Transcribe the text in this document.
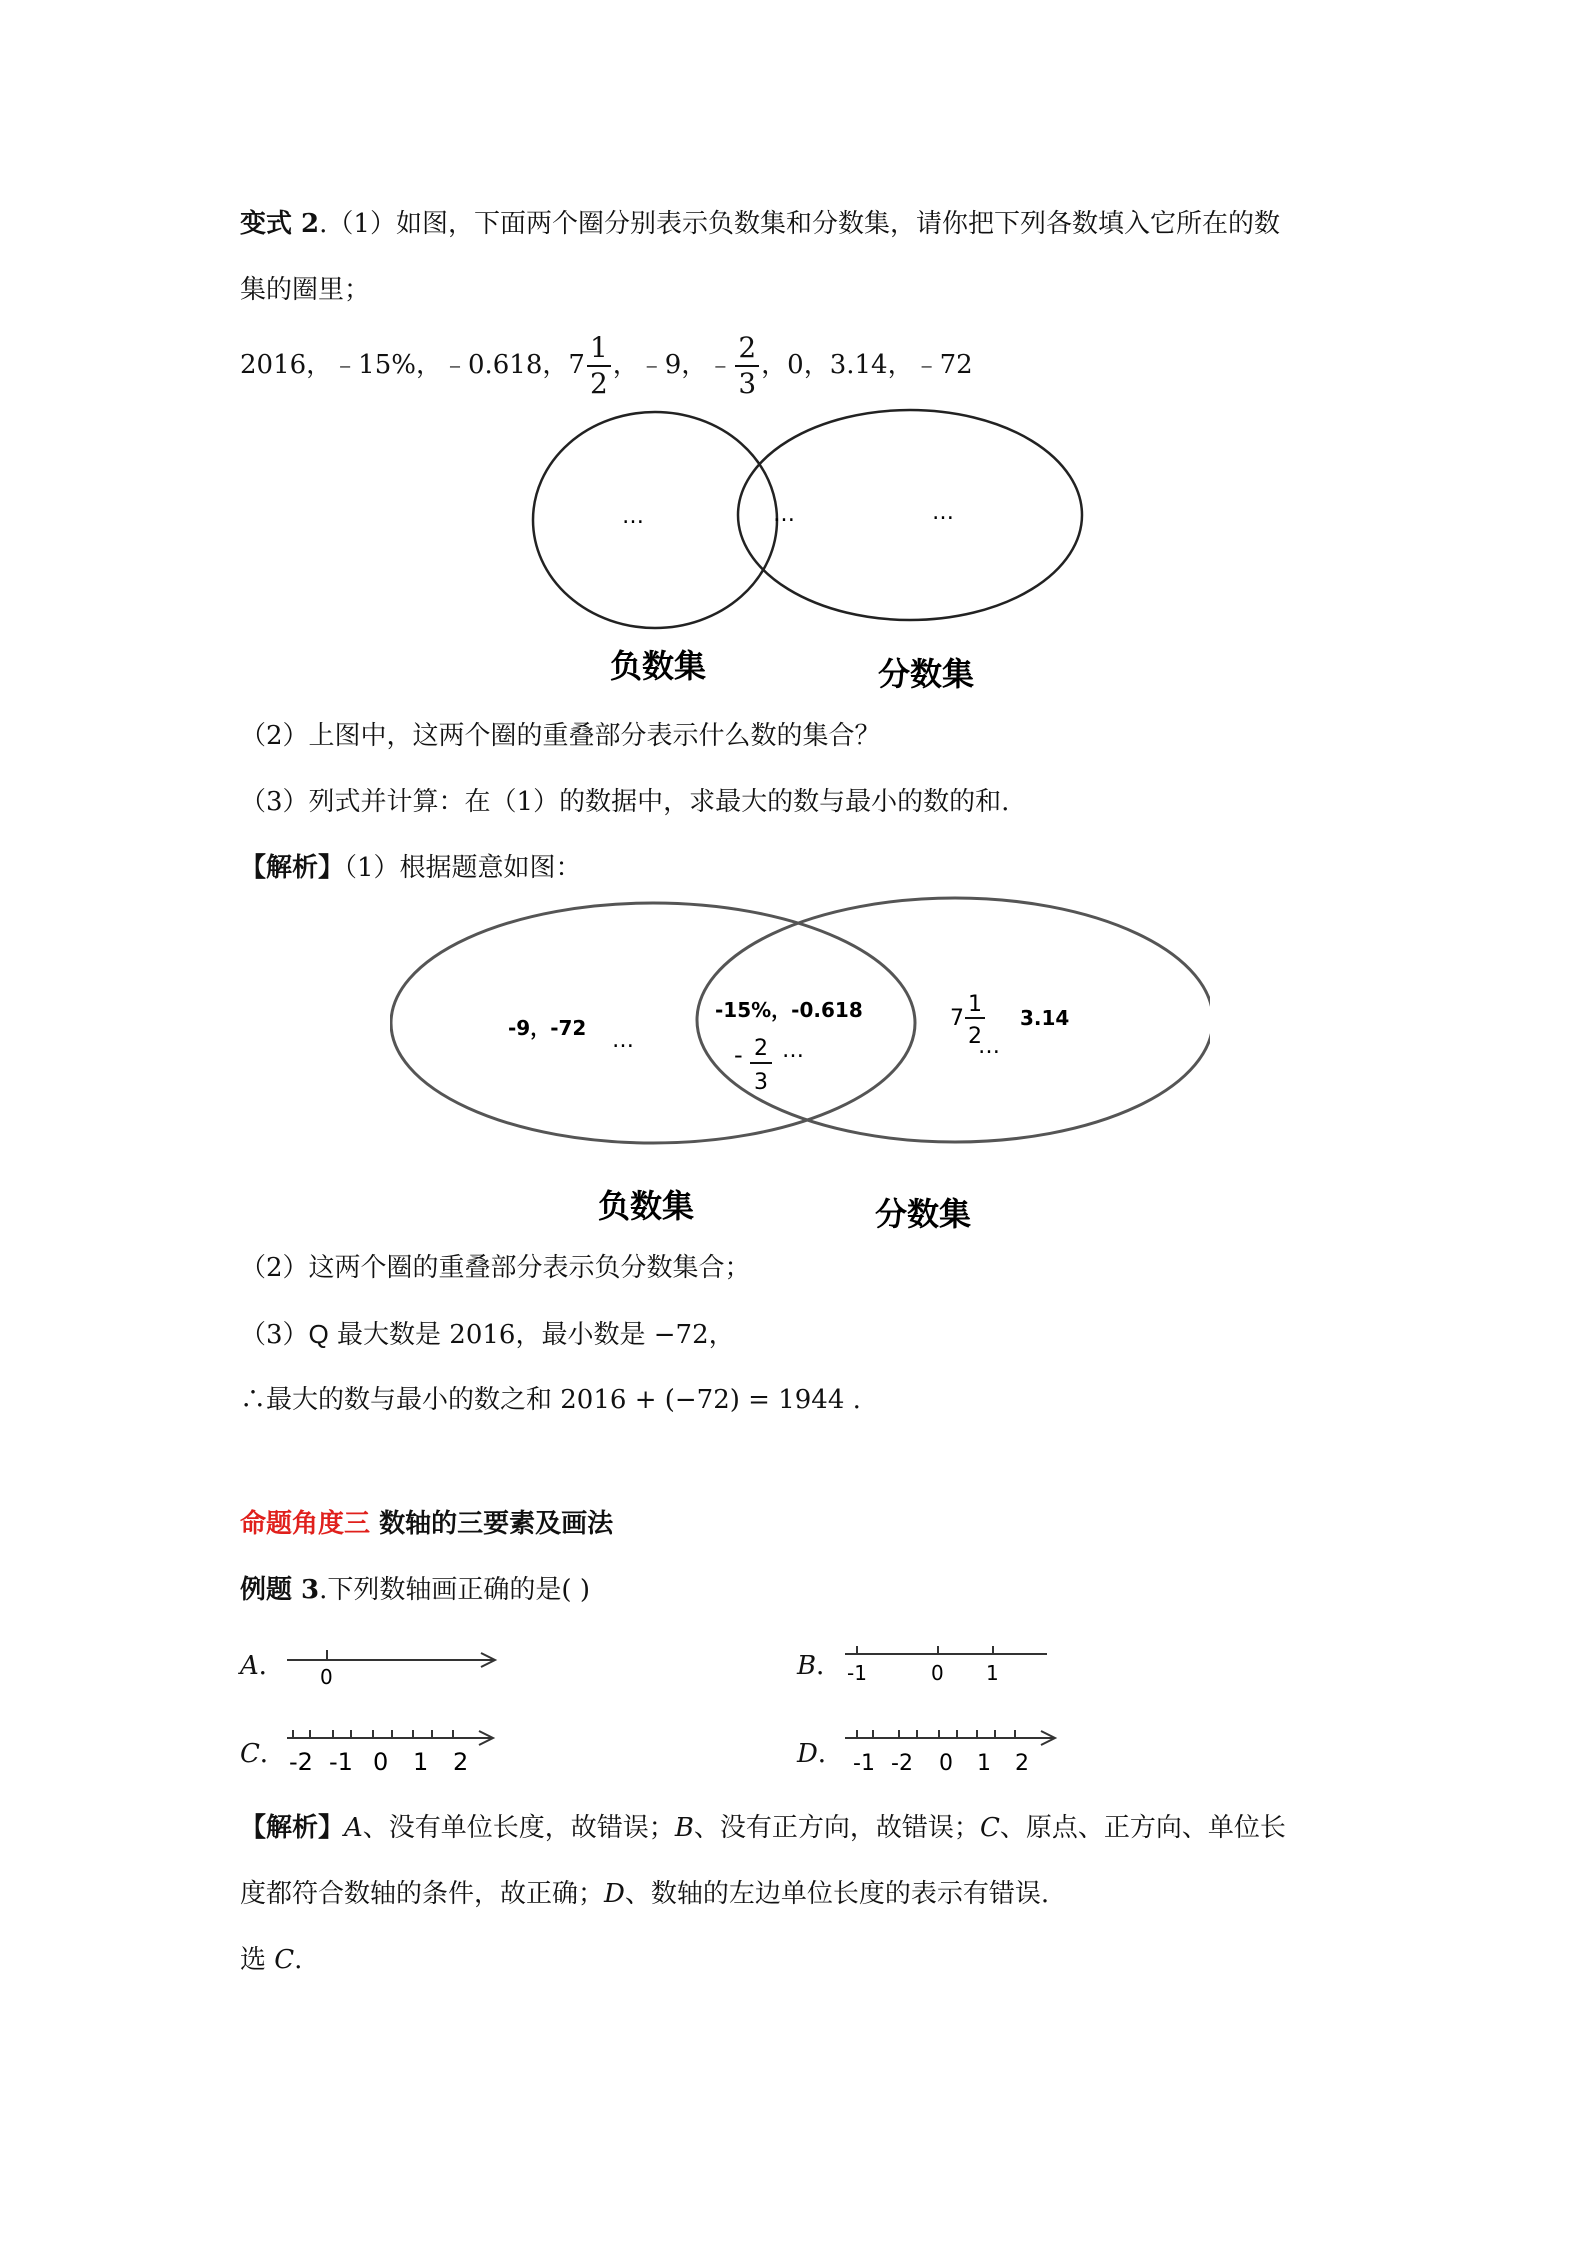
变式 2.（1）如图，下面两个圈分别表示负数集和分数集，请你把下列各数填入它所在的数
集的圈里；
2016，﹣15%，﹣0.618，$7 \frac{1}{2}$ ，﹣9，﹣ $\frac{2}{3}$ ，0，3.14，﹣72
…	…	…
负数集	分数集
（2）上图中，这两个圈的重叠部分表示什么数的集合？
（3）列式并计算：在（1）的数据中，求最大的数与最小的数的和.
【解析】（1）根据题意如图：
-9，-72 …
-15%，-0.618
- 2
3
…
7
1
2
3.14
…
负数集	分数集
（2）这两个圈的重叠部分表示负分数集合；
（3）Q 最大数是 2016，最小数是 −72，
∴最大的数与最小的数之和 2016 + (−72) = 1944 .
命题角度三 数轴的三要素及画法
例题 3.下列数轴画正确的是( )
A． 0	B． -1	0 1
C． -2 -1 0 1 2	D． -1 -2 0 1 2
【解析】A、没有单位长度，故错误；B、没有正方向，故错误；C、原点、正方向、单位长
度都符合数轴的条件，故正确；D、数轴的左边单位长度的表示有错误.
选 C.
